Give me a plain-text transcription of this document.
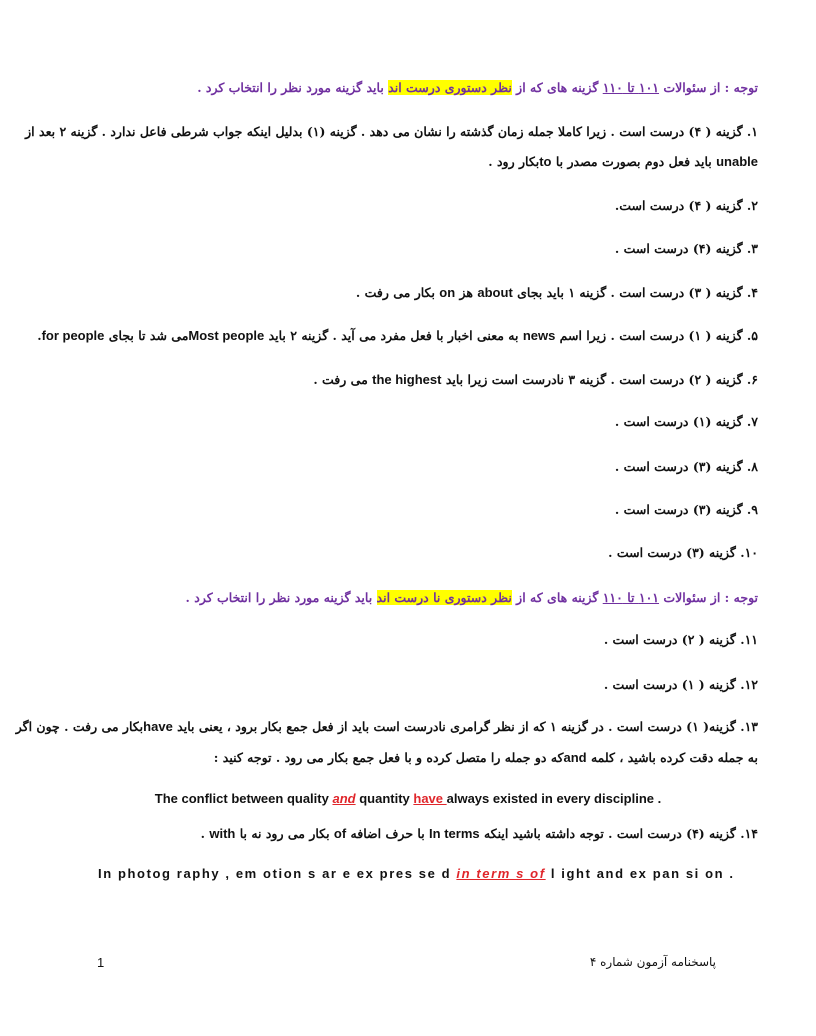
توجه : از سئوالات ۱۰۱ تا ۱۱۰ گزینه های که از نظر دستوری درست اند باید گزینه مورد نظر را انتخاب کرد .
۱. گزینه ( ۴) درست است . زیرا کاملا جمله زمان گذشته را نشان می دهد . گزینه (۱) بدلیل اینکه جواب شرطی فاعل ندارد . گزینه ۲ بعد از
unable باید فعل دوم بصورت مصدر با toبکار رود .
۲. گزینه ( ۴) درست است.
۳. گزینه (۴) درست است .
۴. گزینه ( ۳) درست است . گزینه ۱ باید بجای about هز on بکار می رفت .
۵. گزینه ( ۱) درست است . زیرا اسم news به معنی اخبار با فعل مفرد می آید . گزینه ۲ باید Most peopleمی شد تا بجای for people.
۶. گزینه ( ۲) درست است . گزینه ۳ نادرست است زیرا باید the highest می رفت .
۷. گزینه (۱) درست است .
۸. گزینه (۳) درست است .
۹. گزینه (۳) درست است .
۱۰. گزینه (۳) درست است .
توجه : از سئوالات ۱۰۱ تا ۱۱۰ گزینه های که از نظر دستوری نا درست اند باید گزینه مورد نظر را انتخاب کرد .
۱۱. گزینه ( ۲) درست است .
۱۲. گزینه ( ۱) درست است .
۱۳. گزینه( ۱) درست است . در گزینه ۱ که از نظر گرامری نادرست است باید از فعل جمع بکار برود ، یعنی باید haveبکار می رفت . چون اگر
به جمله دقت کرده باشید ، کلمه andکه دو جمله را متصل کرده و با فعل جمع بکار می رود . توجه کنید :
The conflict between quality and quantity have always existed in every discipline .
۱۴. گزینه (۴) درست است . توجه داشته باشید اینکه In terms با حرف اضافه of بکار می رود نه با with .
In photog raphy , em otion s ar e ex pres se d in term s of l ight and ex pan si on .
پاسخنامه آزمون شماره ۴
1
